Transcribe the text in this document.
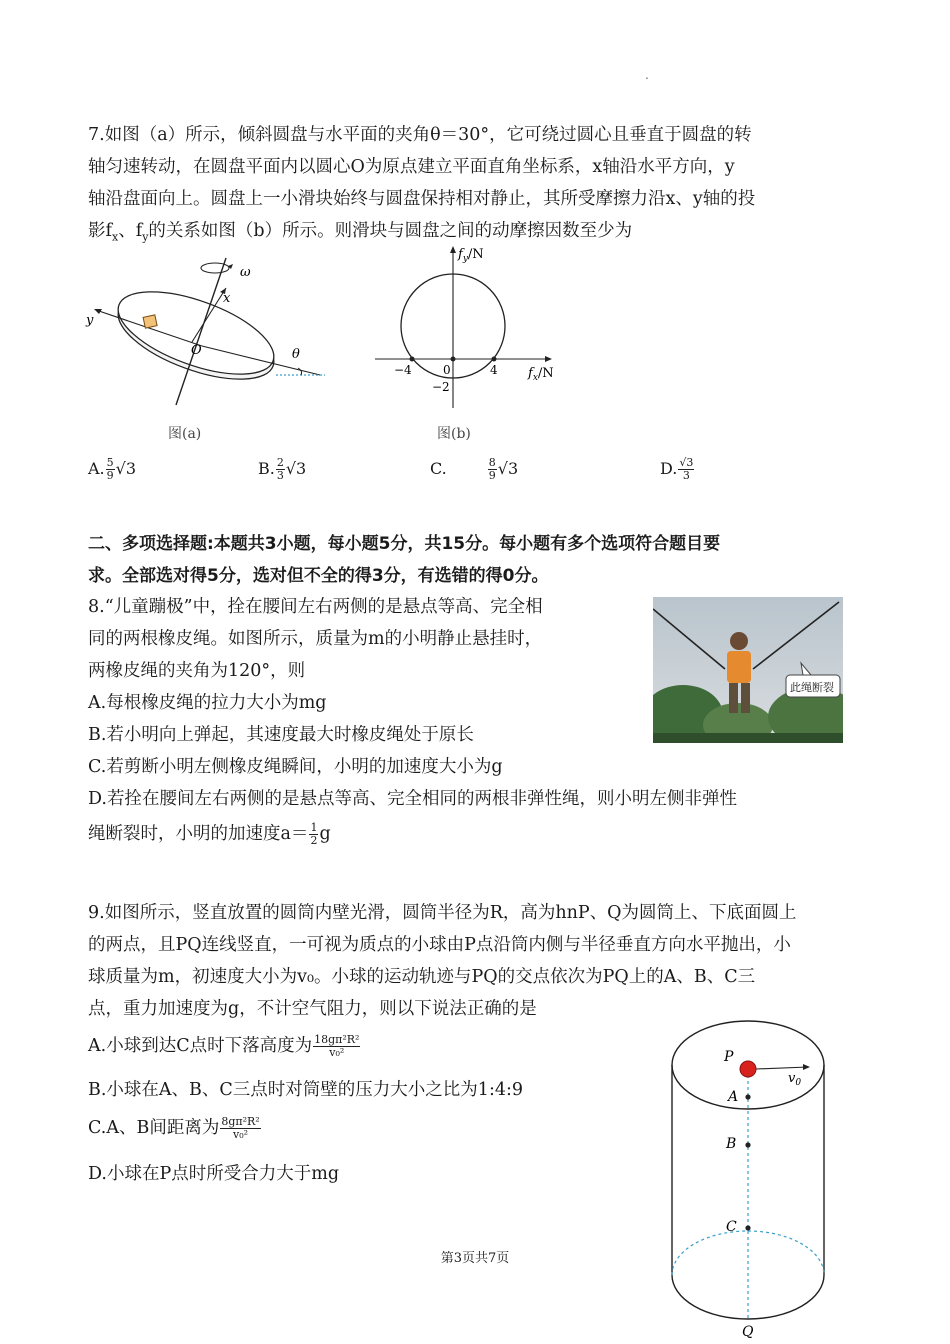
.
7.如图（a）所示，倾斜圆盘与水平面的夹角θ＝30°，它可绕过圆心且垂直于圆盘的转
轴匀速转动，在圆盘平面内以圆心O为原点建立平面直角坐标系，x轴沿水平方向，y
轴沿盘面向上。圆盘上一小滑块始终与圆盘保持相对静止，其所受摩擦力沿x、y轴的投
影$f_x$、$f_y$的关系如图（b）所示。则滑块与圆盘之间的动摩擦因数至少为
ω
x
y
O	θ
图(a)
$f_y/N$
$f_x/N$
−4	0	4
−2
图(b)
A. $\frac{5}{9} √3$	B. $\frac{2}{3} √3$	C.	$\frac{8}{9} √3$	D. $\frac{√3}{3}$
二、多项选择题:本题共3小题，每小题5分，共15分。每小题有多个选项符合题目要
求。全部选对得5分，选对但不全的得3分，有选错的得0分。
8.“儿童蹦极”中，拴在腰间左右两侧的是悬点等高、完全相
同的两根橡皮绳。如图所示，质量为m的小明静止悬挂时，
两橡皮绳的夹角为120°，则
A.每根橡皮绳的拉力大小为mg
B.若小明向上弹起，其速度最大时橡皮绳处于原长
C.若剪断小明左侧橡皮绳瞬间，小明的加速度大小为g
D.若拴在腰间左右两侧的是悬点等高、完全相同的两根非弹性绳，则小明左侧非弹性
绳断裂时，小明的加速度$a= \frac{1}{2}$ g
此绳断裂
9.如图所示，竖直放置的圆筒内壁光滑，圆筒半径为R，高为hnP、Q为圆筒上、下底面圆上
的两点，且PQ连线竖直，一可视为质点的小球由P点沿筒内侧与半径垂直方向水平抛出，小
球质量为m，初速度大小为v₀。小球的运动轨迹与PQ的交点依次为PQ上的A、B、C三
点，重力加速度为g，不计空气阻力，则以下说法正确的是
A.小球到达C点时下落高度为 $\frac{\text{18gπ²R²}}{\text{v₀²}}$
B.小球在A、B、C三点时对筒壁的压力大小之比为1:4:9
C.A、B间距离为 $\frac{\text{8gπ²R²}}{\text{v₀²}}$
D.小球在P点时所受合力大于mg
P
$v_0$
A
B
C
Q
第3页共7页
